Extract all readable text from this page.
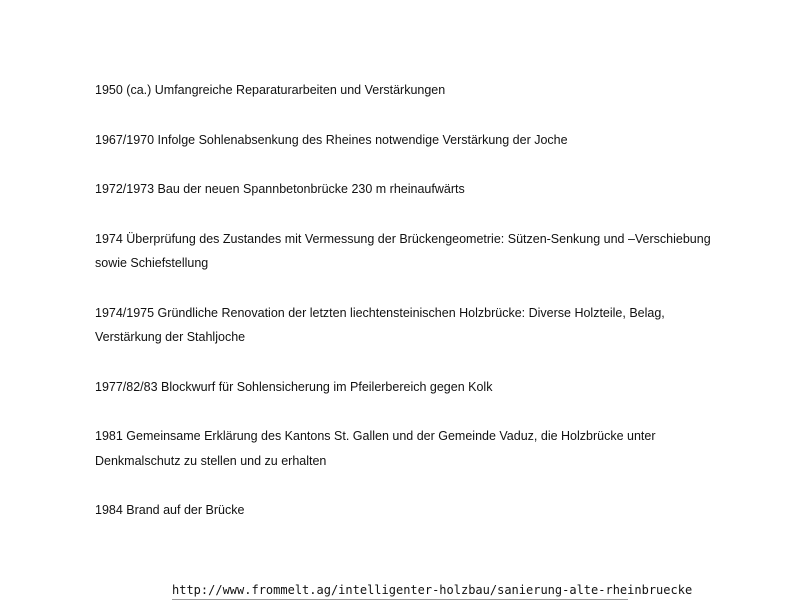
1950 (ca.) Umfangreiche Reparaturarbeiten und Verstärkungen
1967/1970 Infolge Sohlenabsenkung des Rheines notwendige Verstärkung der Joche
1972/1973 Bau der neuen Spannbetonbrücke 230 m rheinaufwärts
1974 Überprüfung des Zustandes mit Vermessung der Brückengeometrie: Sützen-Senkung und –Verschiebung sowie Schiefstellung
1974/1975 Gründliche Renovation der letzten liechtensteinischen Holzbrücke: Diverse Holzteile, Belag, Verstärkung der Stahljoche
1977/82/83 Blockwurf für Sohlensicherung im Pfeilerbereich gegen Kolk
1981 Gemeinsame Erklärung des Kantons St. Gallen und der Gemeinde Vaduz, die Holzbrücke unter Denkmalschutz zu stellen und zu erhalten
1984 Brand auf der Brücke
http://www.frommelt.ag/intelligenter-holzbau/sanierung-alte-rheinbruecke
